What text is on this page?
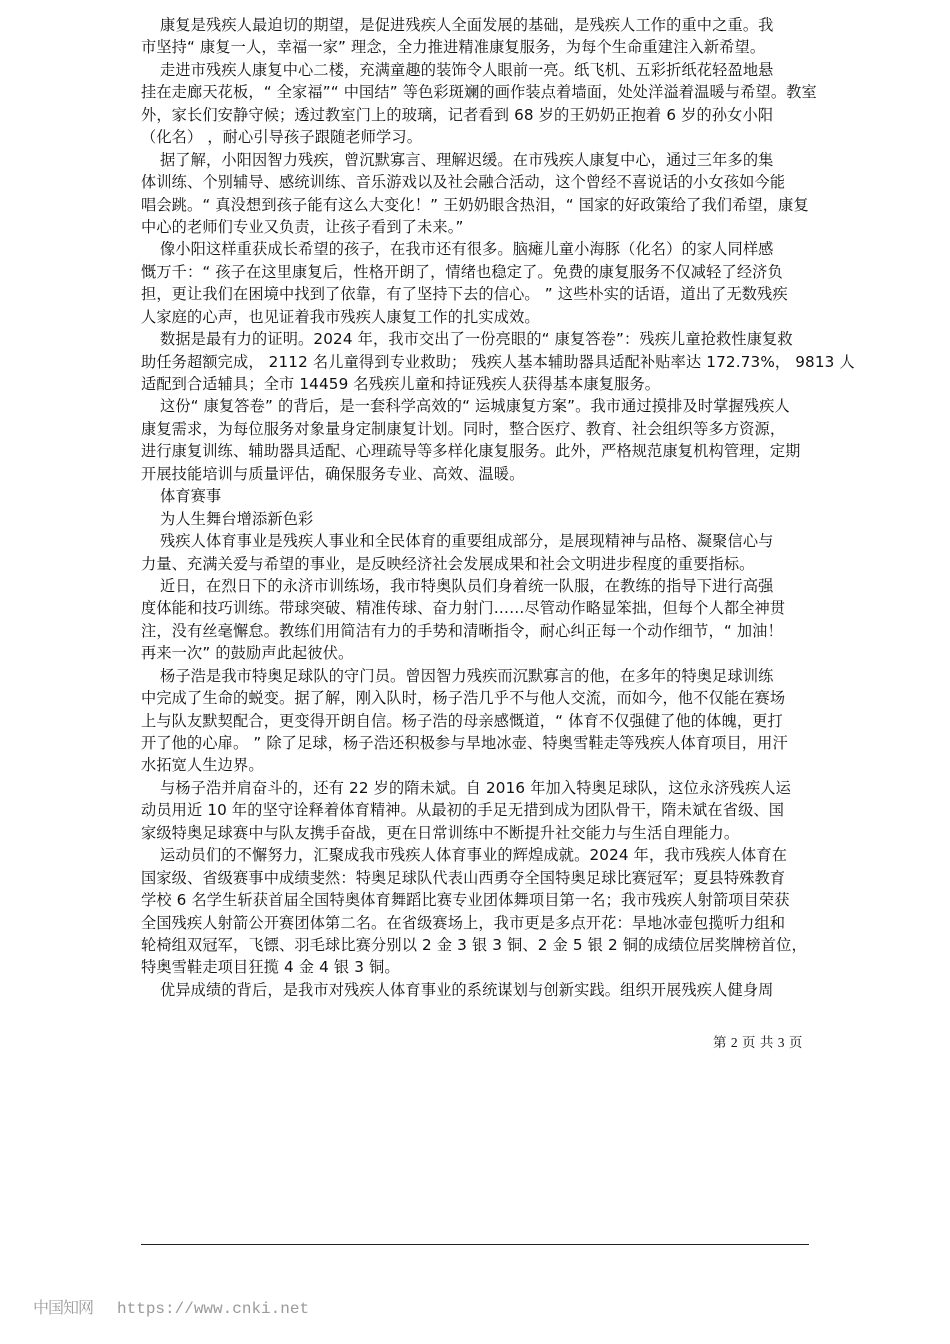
康复是残疾人最迫切的期望，是促进残疾人全面发展的基础，是残疾人工作的重中之重。我
市坚持“ 康复一人，幸福一家” 理念，全力推进精准康复服务，为每个生命重建注入新希望。
走进市残疾人康复中心二楼，充满童趣的装饰令人眼前一亮。纸飞机、五彩折纸花轻盈地悬
挂在走廊天花板，“ 全家福”“ 中国结” 等色彩斑斓的画作装点着墙面，处处洋溢着温暖与希望。教室
外，家长们安静守候；透过教室门上的玻璃，记者看到 68 岁的王奶奶正抱着 6 岁的孙女小阳
（化名） ，耐心引导孩子跟随老师学习。
据了解，小阳因智力残疾，曾沉默寡言、理解迟缓。在市残疾人康复中心，通过三年多的集
体训练、个别辅导、感统训练、音乐游戏以及社会融合活动，这个曾经不喜说话的小女孩如今能
唱会跳。“ 真没想到孩子能有这么大变化！” 王奶奶眼含热泪，“ 国家的好政策给了我们希望，康复
中心的老师们专业又负责，让孩子看到了未来。”
像小阳这样重获成长希望的孩子，在我市还有很多。脑瘫儿童小海豚（化名）的家人同样感
慨万千：“ 孩子在这里康复后，性格开朗了，情绪也稳定了。免费的康复服务不仅减轻了经济负
担，更让我们在困境中找到了依靠，有了坚持下去的信心。 ” 这些朴实的话语，道出了无数残疾
人家庭的心声，也见证着我市残疾人康复工作的扎实成效。
数据是最有力的证明。2024 年，我市交出了一份亮眼的“ 康复答卷”：残疾儿童抢救性康复救
助任务超额完成， 2112 名儿童得到专业救助； 残疾人基本辅助器具适配补贴率达 172.73%， 9813 人
适配到合适辅具；全市 14459 名残疾儿童和持证残疾人获得基本康复服务。
这份“ 康复答卷” 的背后，是一套科学高效的“ 运城康复方案”。我市通过摸排及时掌握残疾人
康复需求，为每位服务对象量身定制康复计划。同时，整合医疗、教育、社会组织等多方资源，
进行康复训练、辅助器具适配、心理疏导等多样化康复服务。此外，严格规范康复机构管理，定期
开展技能培训与质量评估，确保服务专业、高效、温暖。
体育赛事
为人生舞台增添新色彩
残疾人体育事业是残疾人事业和全民体育的重要组成部分，是展现精神与品格、凝聚信心与
力量、充满关爱与希望的事业，是反映经济社会发展成果和社会文明进步程度的重要指标。
近日，在烈日下的永济市训练场，我市特奥队员们身着统一队服，在教练的指导下进行高强
度体能和技巧训练。带球突破、精准传球、奋力射门……尽管动作略显笨拙，但每个人都全神贯
注，没有丝毫懈怠。教练们用简洁有力的手势和清晰指令，耐心纠正每一个动作细节，“ 加油！
再来一次” 的鼓励声此起彼伏。
杨子浩是我市特奥足球队的守门员。曾因智力残疾而沉默寡言的他，在多年的特奥足球训练
中完成了生命的蜕变。据了解，刚入队时，杨子浩几乎不与他人交流，而如今，他不仅能在赛场
上与队友默契配合，更变得开朗自信。杨子浩的母亲感慨道，“ 体育不仅强健了他的体魄，更打
开了他的心扉。 ” 除了足球，杨子浩还积极参与旱地冰壶、特奥雪鞋走等残疾人体育项目，用汗
水拓宽人生边界。
与杨子浩并肩奋斗的，还有 22 岁的隋未斌。自 2016 年加入特奥足球队，这位永济残疾人运
动员用近 10 年的坚守诠释着体育精神。从最初的手足无措到成为团队骨干，隋未斌在省级、国
家级特奥足球赛中与队友携手奋战，更在日常训练中不断提升社交能力与生活自理能力。
运动员们的不懈努力，汇聚成我市残疾人体育事业的辉煌成就。2024 年，我市残疾人体育在
国家级、省级赛事中成绩斐然：特奥足球队代表山西勇夺全国特奥足球比赛冠军；夏县特殊教育
学校 6 名学生斩获首届全国特奥体育舞蹈比赛专业团体舞项目第一名；我市残疾人射箭项目荣获
全国残疾人射箭公开赛团体第二名。在省级赛场上，我市更是多点开花：旱地冰壶包揽听力组和
轮椅组双冠军，飞镖、羽毛球比赛分别以 2 金 3 银 3 铜、2 金 5 银 2 铜的成绩位居奖牌榜首位，
特奥雪鞋走项目狂揽 4 金 4 银 3 铜。
优异成绩的背后，是我市对残疾人体育事业的系统谋划与创新实践。组织开展残疾人健身周
第 2 页 共 3 页
中国知网 https://www.cnki.net
